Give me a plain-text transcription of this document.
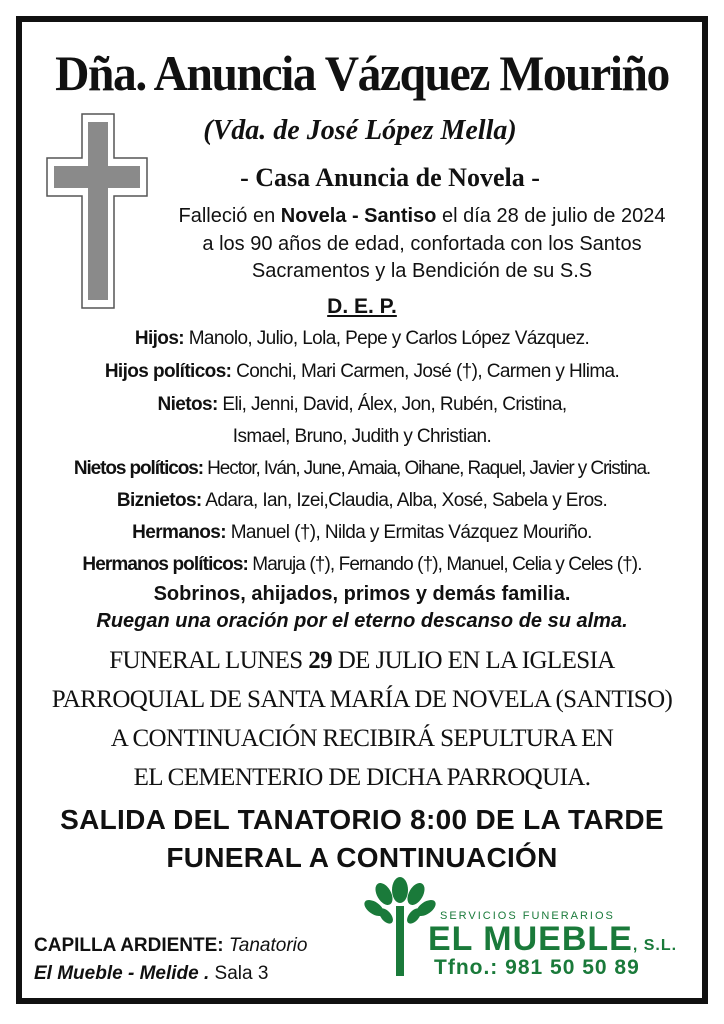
Dña. Anuncia Vázquez Mouriño
(Vda. de José López Mella)
- Casa Anuncia de Novela -
Falleció en Novela - Santiso el día 28 de julio de 2024
a los 90 años de edad, confortada con los Santos
Sacramentos y la Bendición de su S.S
D. E. P.
Hijos: Manolo, Julio, Lola, Pepe y Carlos López Vázquez.
Hijos políticos: Conchi, Mari Carmen, José (†), Carmen y Hlima.
Nietos: Eli, Jenni, David, Álex, Jon, Rubén, Cristina,
Ismael, Bruno, Judith y Christian.
Nietos políticos: Hector, Iván, June, Amaia, Oihane, Raquel, Javier y Cristina.
Biznietos: Adara, Ian, Izei,Claudia, Alba, Xosé, Sabela y Eros.
Hermanos: Manuel (†), Nilda y Ermitas Vázquez Mouriño.
Hermanos políticos: Maruja (†), Fernando (†), Manuel, Celia y Celes (†).
Sobrinos, ahijados, primos y demás familia.
Ruegan una oración por el eterno descanso de su alma.
FUNERAL LUNES 29 DE JULIO EN LA IGLESIA
PARROQUIAL DE SANTA MARÍA DE NOVELA (SANTISO)
A CONTINUACIÓN RECIBIRÁ SEPULTURA EN
EL CEMENTERIO DE DICHA PARROQUIA.
SALIDA DEL TANATORIO 8:00 DE LA TARDE
FUNERAL A CONTINUACIÓN
CAPILLA ARDIENTE: Tanatorio
El Mueble - Melide . Sala 3
SERVICIOS FUNERARIOS
EL MUEBLE, S.L.
Tfno.: 981 50 50 89
